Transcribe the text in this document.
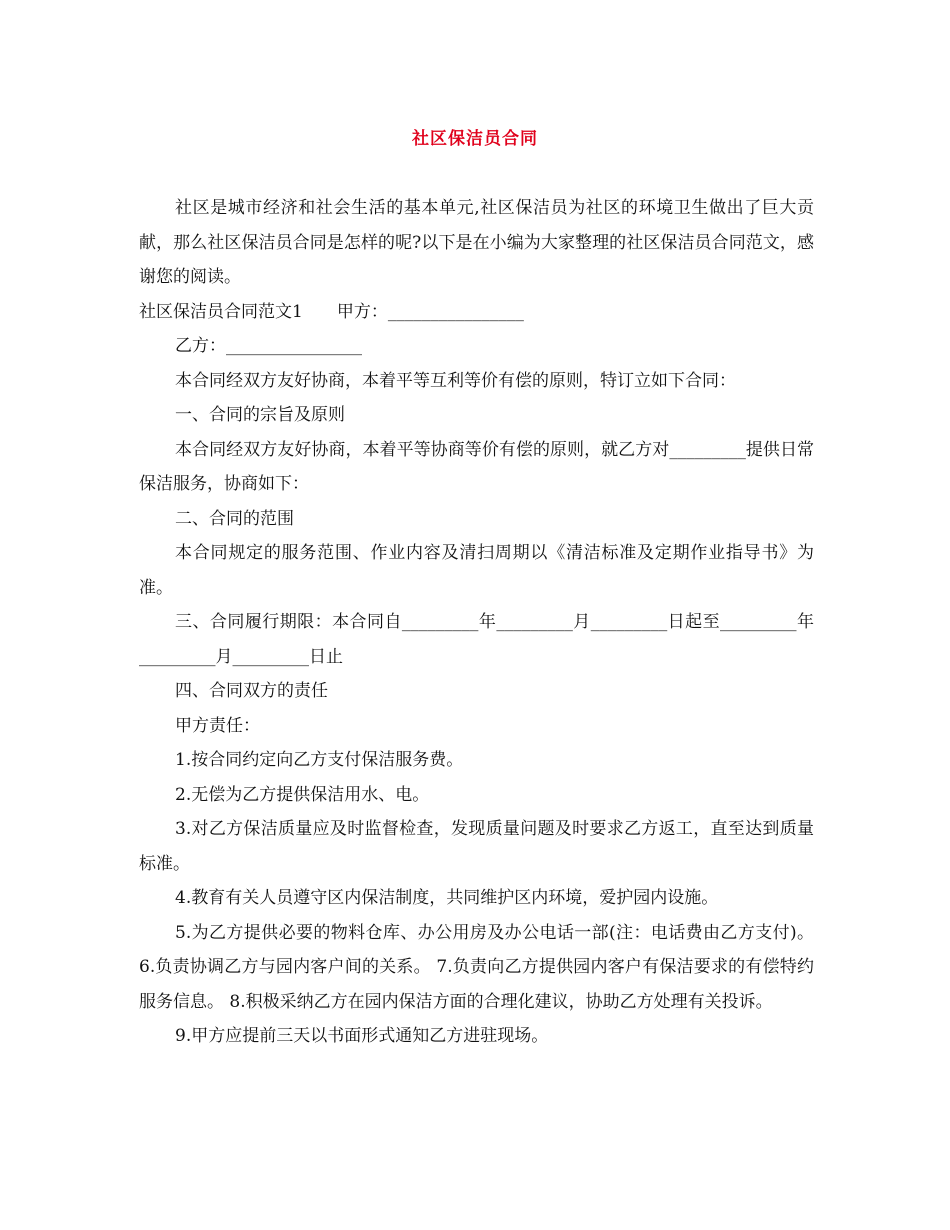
社区保洁员合同

社区是城市经济和社会生活的基本单元,社区保洁员为社区的环境卫生做出了巨大贡献，那么社区保洁员合同是怎样的呢?以下是在小编为大家整理的社区保洁员合同范文，感谢您的阅读。

社区保洁员合同范文1　　甲方：________________

乙方：________________

本合同经双方友好协商，本着平等互利等价有偿的原则，特订立如下合同：

一、合同的宗旨及原则

本合同经双方友好协商，本着平等协商等价有偿的原则，就乙方对_________提供日常保洁服务，协商如下：

二、合同的范围

本合同规定的服务范围、作业内容及清扫周期以《清洁标准及定期作业指导书》为准。

三、合同履行期限：本合同自_________年_________月_________日起至_________年_________月_________日止

四、合同双方的责任

甲方责任：

1.按合同约定向乙方支付保洁服务费。

2.无偿为乙方提供保洁用水、电。

3.对乙方保洁质量应及时监督检查，发现质量问题及时要求乙方返工，直至达到质量标准。

4.教育有关人员遵守区内保洁制度，共同维护区内环境，爱护园内设施。

5.为乙方提供必要的物料仓库、办公用房及办公电话一部(注：电话费由乙方支付)。 6.负责协调乙方与园内客户间的关系。 7.负责向乙方提供园内客户有保洁要求的有偿特约服务信息。 8.积极采纳乙方在园内保洁方面的合理化建议，协助乙方处理有关投诉。

9.甲方应提前三天以书面形式通知乙方进驻现场。
